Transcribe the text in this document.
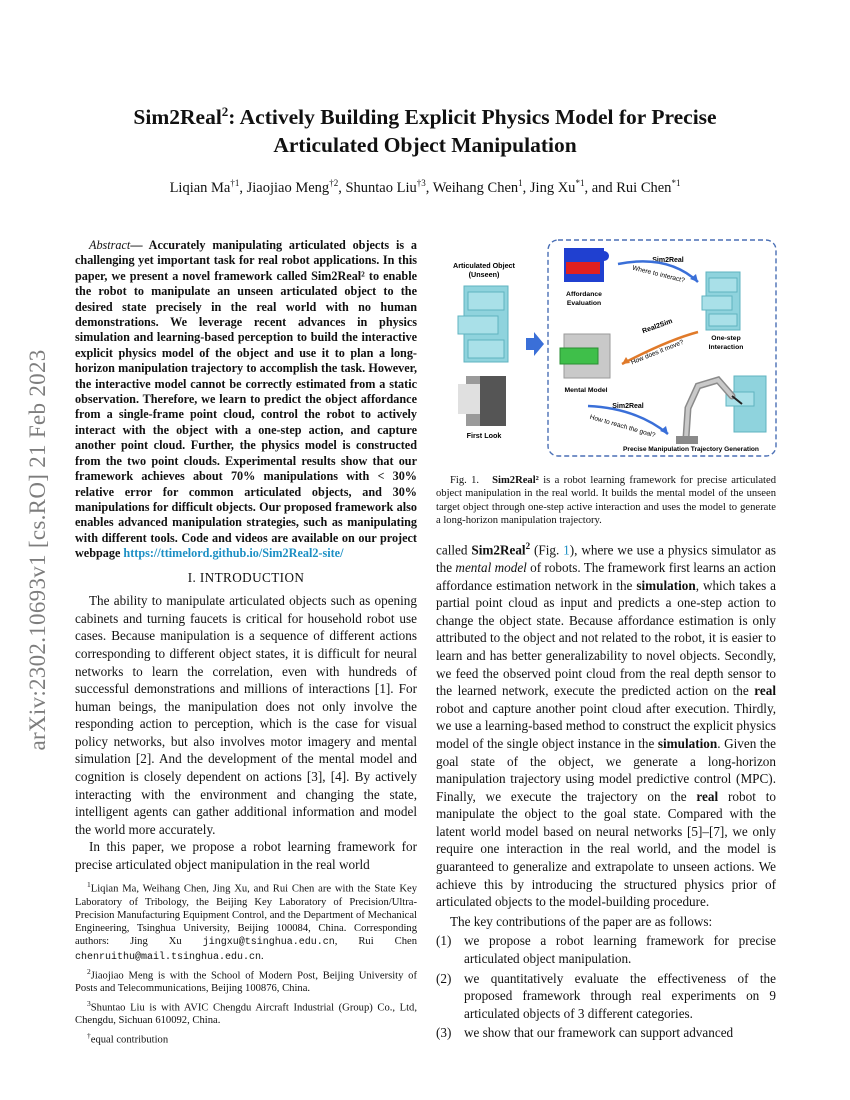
arXiv:2302.10693v1 [cs.RO] 21 Feb 2023
Sim2Real$^2$: Actively Building Explicit Physics Model for Precise Articulated Object Manipulation
Liqian Ma$^{\dagger 1}$, Jiaojiao Meng$^{\dagger 2}$, Shuntao Liu$^{\dagger 3}$, Weihang Chen$^1$, Jing Xu$^{*1}$, and Rui Chen$^{*1}$

Abstract— Accurately manipulating articulated objects is a challenging yet important task for real robot applications. In this paper, we present a novel framework called Sim2Real² to enable the robot to manipulate an unseen articulated object to the desired state precisely in the real world with no human demonstrations. We leverage recent advances in physics simulation and learning-based perception to build the interactive explicit physics model of the object and use it to plan a long-horizon manipulation trajectory to accomplish the task. However, the interactive model cannot be correctly estimated from a static observation. Therefore, we learn to predict the object affordance from a single-frame point cloud, control the robot to actively interact with the object with a one-step action, and capture another point cloud. Further, the physics model is constructed from the two point clouds. Experimental results show that our framework achieves about 70% manipulations with < 30% relative error for common articulated objects, and 30% manipulations for difficult objects. Our proposed framework also enables advanced manipulation strategies, such as manipulating with different tools. Code and videos are available on our project webpage https://ttimelord.github.io/Sim2Real2-site/

I. INTRODUCTION

The ability to manipulate articulated objects such as opening cabinets and turning faucets is critical for household robot use cases. Because manipulation is a sequence of different actions corresponding to different object states, it is difficult for neural networks to learn the correlation, even with hundreds of successful demonstrations and millions of interactions [1]. For human beings, the manipulation does not only involve the responding action to perception, which is the case for visual policy networks, but also involves motor imagery and mental simulation [2]. And the development of the mental model and cognition is closely dependent on actions [3], [4]. By actively interacting with the environment and changing the state, intelligent agents can gather additional information and model the world more accurately.

In this paper, we propose a robot learning framework for precise articulated object manipulation in the real world

$^1$Liqian Ma, Weihang Chen, Jing Xu, and Rui Chen are with the State Key Laboratory of Tribology, the Beijing Key Laboratory of Precision/Ultra-Precision Manufacturing Equipment Control, and the Department of Mechanical Engineering, Tsinghua University, Beijing 100084, China. Corresponding authors: Jing Xu jingxu@tsinghua.edu.cn, Rui Chen chenruithu@mail.tsinghua.edu.cn.

$^2$Jiaojiao Meng is with the School of Modern Post, Beijing University of Posts and Telecommunications, Beijing 100876, China.

$^3$Shuntao Liu is with AVIC Chengdu Aircraft Industrial (Group) Co., Ltd, Chengdu, Sichuan 610092, China.

†equal contribution

Articulated Object
(Unseen)
First Look
Affordance
Evaluation
Sim2Real
Where to interact?
One-step
Interaction
Real2Sim
How does it move?
Mental Model
Sim2Real
How to reach the goal?
Precise Manipulation Trajectory Generation
Fig. 1. Sim2Real² is a robot learning framework for precise articulated object manipulation in the real world. It builds the mental model of the unseen target object through one-step active interaction and uses the model to generate a long-horizon manipulation trajectory.

called Sim2Real$^2$ (Fig. 1), where we use a physics simulator as the mental model of robots. The framework first learns an action affordance estimation network in the simulation, which takes a partial point cloud as input and predicts a one-step action to change the object state. Because affordance estimation is only attributed to the object and not related to the robot, it is easier to learn and has better generalizability to novel objects. Secondly, we feed the observed point cloud from the real depth sensor to the learned network, execute the predicted action on the real robot and capture another point cloud after execution. Thirdly, we use a learning-based method to construct the explicit physics model of the single object instance in the simulation. Given the goal state of the object, we generate a long-horizon manipulation trajectory using model predictive control (MPC). Finally, we execute the trajectory on the real robot to manipulate the object to the goal state. Compared with the latent world model based on neural networks [5]–[7], we only require one interaction in the real world, and the model is guaranteed to generalize and extrapolate to unseen actions. We achieve this by introducing the structured physics prior of articulated objects to the model-building procedure.

The key contributions of the paper are as follows:

(1) we propose a robot learning framework for precise articulated object manipulation.
(2) we quantitatively evaluate the effectiveness of the proposed framework through real experiments on 9 articulated objects of 3 different categories.
(3) we show that our framework can support advanced
